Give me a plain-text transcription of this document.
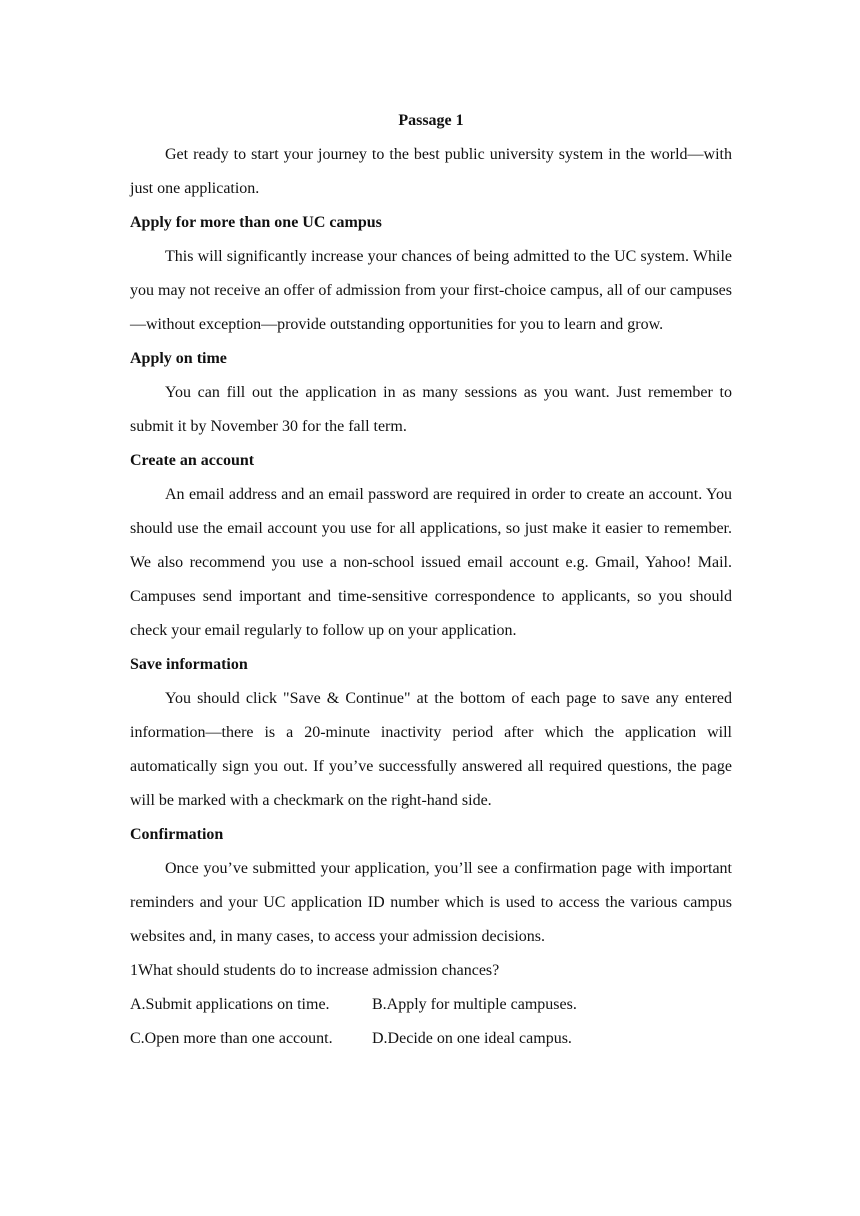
Passage 1

Get ready to start your journey to the best public university system in the world—with just one application.

Apply for more than one UC campus

This will significantly increase your chances of being admitted to the UC system. While you may not receive an offer of admission from your first-choice campus, all of our campuses—without exception—provide outstanding opportunities for you to learn and grow.

Apply on time

You can fill out the application in as many sessions as you want. Just remember to submit it by November 30 for the fall term.

Create an account

An email address and an email password are required in order to create an account. You should use the email account you use for all applications, so just make it easier to remember. We also recommend you use a non-school issued email account e.g. Gmail, Yahoo! Mail. Campuses send important and time-sensitive correspondence to applicants, so you should check your email regularly to follow up on your application.

Save information

You should click "Save & Continue" at the bottom of each page to save any entered information—there is a 20-minute inactivity period after which the application will automatically sign you out. If you’ve successfully answered all required questions, the page will be marked with a checkmark on the right-hand side.

Confirmation

Once you’ve submitted your application, you’ll see a confirmation page with important reminders and your UC application ID number which is used to access the various campus websites and, in many cases, to access your admission decisions.

1What should students do to increase admission chances?

A.Submit applications on time.	B.Apply for multiple campuses.
C.Open more than one account.	D.Decide on one ideal campus.
